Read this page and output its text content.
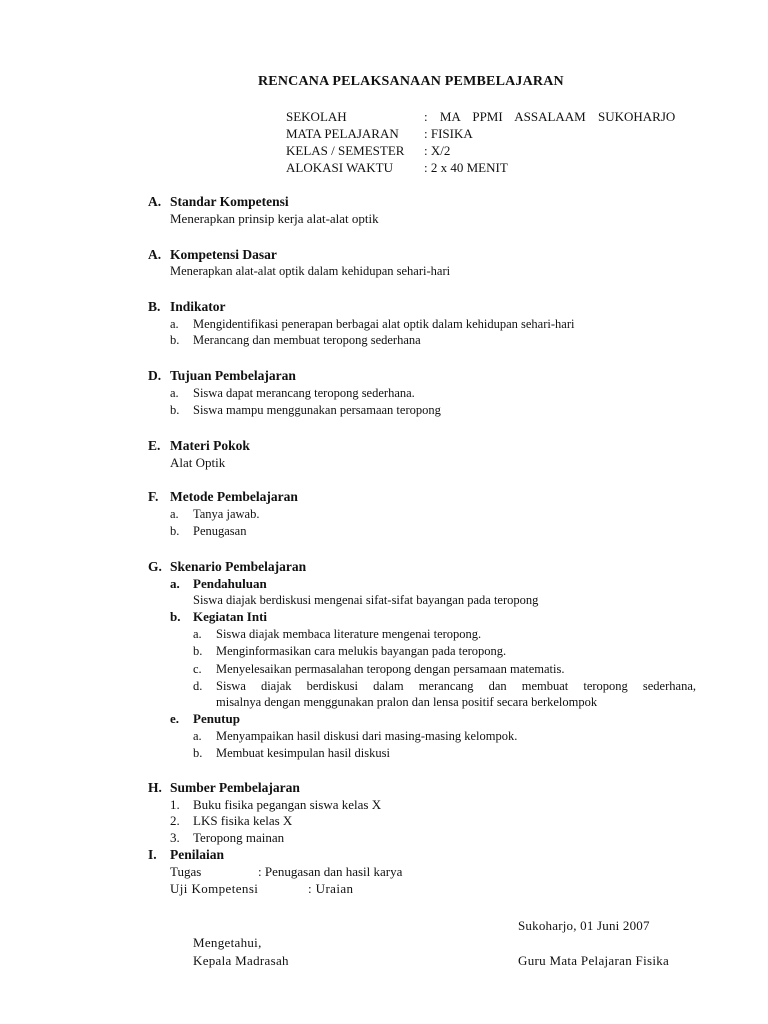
RENCANA PELAKSANAAN PEMBELAJARAN
SEKOLAH	: MA PPMI ASSALAAM SUKOHARJO
MATA PELAJARAN : FISIKA
KELAS / SEMESTER : X/2
ALOKASI WAKTU : 2 x 40 MENIT
A. Standar Kompetensi
Menerapkan prinsip kerja alat-alat optik
A. Kompetensi Dasar
Menerapkan alat-alat optik dalam kehidupan sehari-hari
B. Indikator
a. Mengidentifikasi penerapan berbagai alat optik dalam kehidupan sehari-hari
b. Merancang dan membuat teropong sederhana
D. Tujuan Pembelajaran
a. Siswa dapat merancang teropong sederhana.
b. Siswa mampu menggunakan persamaan teropong
E. Materi Pokok
Alat Optik
F. Metode Pembelajaran
a. Tanya jawab.
b. Penugasan
G. Skenario Pembelajaran
a. Pendahuluan
Siswa diajak berdiskusi mengenai sifat-sifat bayangan pada teropong
b. Kegiatan Inti
a. Siswa diajak membaca literature mengenai teropong.
b. Menginformasikan cara melukis bayangan pada teropong.
c. Menyelesaikan permasalahan teropong dengan persamaan matematis.
d. Siswa diajak berdiskusi dalam merancang dan membuat teropong sederhana,
misalnya dengan menggunakan pralon dan lensa positif secara berkelompok
e. Penutup
a. Menyampaikan hasil diskusi dari masing-masing kelompok.
b. Membuat kesimpulan hasil diskusi
H. Sumber Pembelajaran
1. Buku fisika pegangan siswa kelas X
2. LKS fisika kelas X
3. Teropong mainan
I. Penilaian
Tugas	: Penugasan dan hasil karya
Uji Kompetensi	: Uraian
Sukoharjo, 01 Juni 2007
Mengetahui,
Kepala Madrasah	Guru Mata Pelajaran Fisika
